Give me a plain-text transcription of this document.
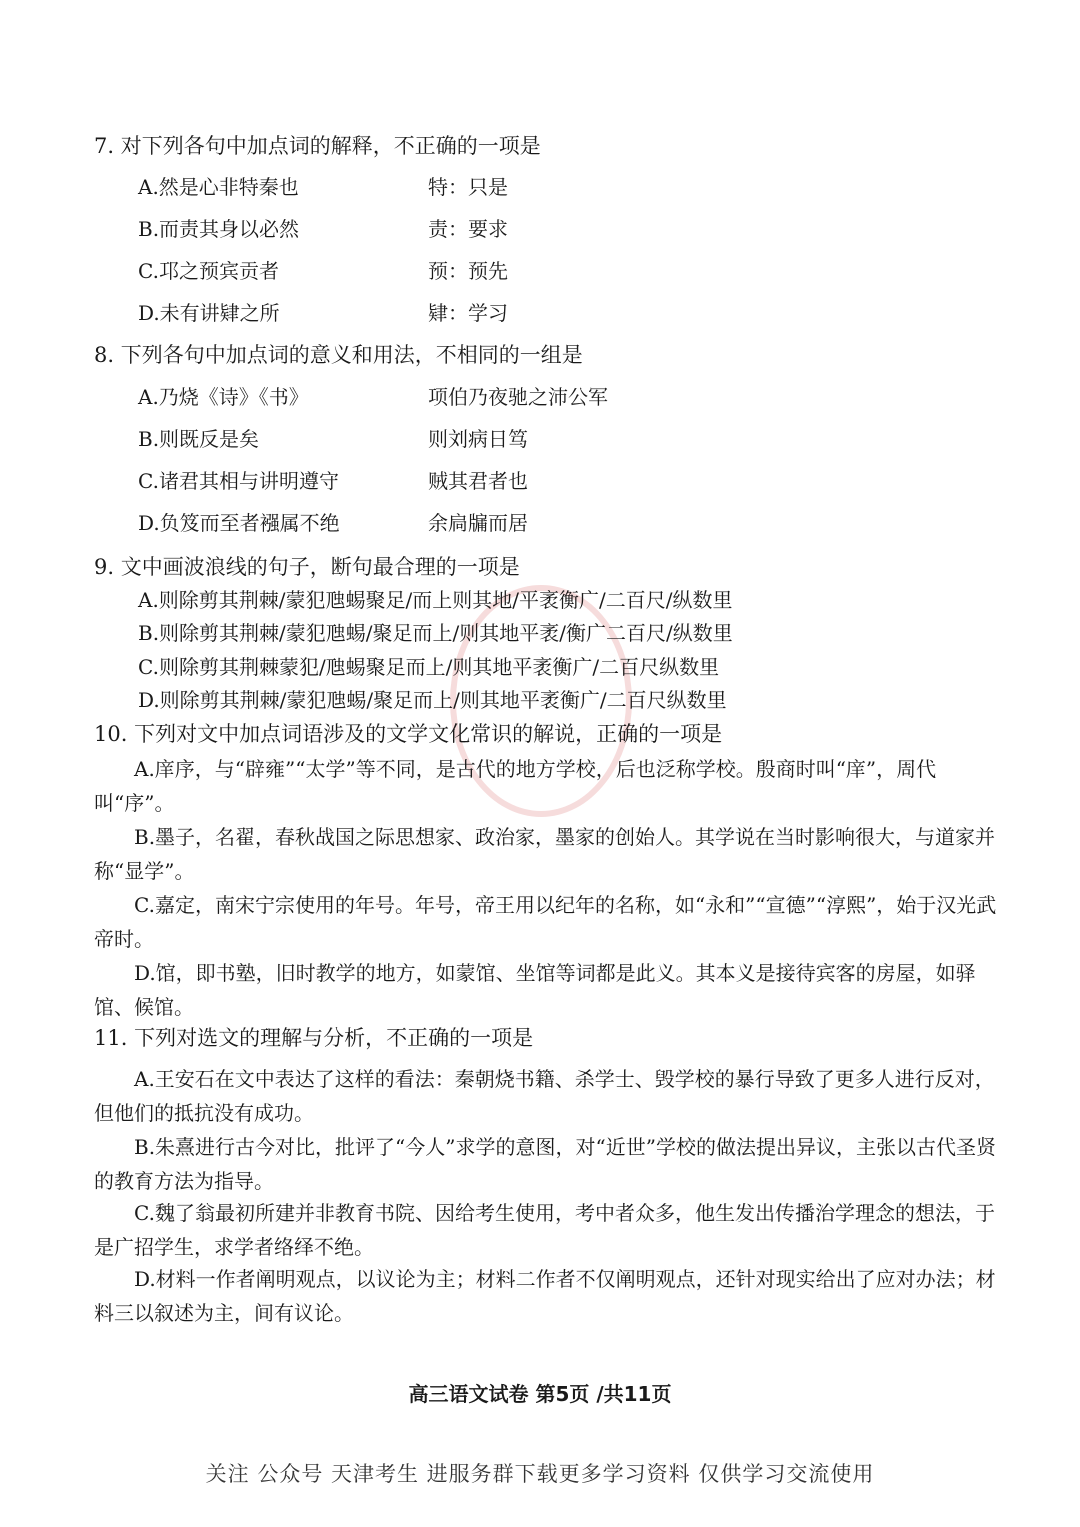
7. 对下列各句中加点词的解释，不正确的一项是
A.然是心非特秦也	特：只是
B.而责其身以必然	责：要求
C.邛之预宾贡者	预：预先
D.未有讲肄之所	肄：学习
8. 下列各句中加点词的意义和用法，不相同的一组是
A.乃烧《诗》《书》	项伯乃夜驰之沛公军
B.则既反是矣	则刘病日笃
C.诸君其相与讲明遵守	贼其君者也
D.负笈而至者襁属不绝	余扃牖而居
9. 文中画波浪线的句子，断句最合理的一项是
A.则除剪其荆棘/蒙犯虺蜴聚足/而上则其地/平袤衡广/二百尺/纵数里
B.则除剪其荆棘/蒙犯虺蜴/聚足而上/则其地平袤/衡广二百尺/纵数里
C.则除剪其荆棘蒙犯/虺蜴聚足而上/则其地平袤衡广/二百尺纵数里
D.则除剪其荆棘/蒙犯虺蜴/聚足而上/则其地平袤衡广/二百尺纵数里
10. 下列对文中加点词语涉及的文学文化常识的解说，正确的一项是
A.庠序，与“辟雍”“太学”等不同，是古代的地方学校，后也泛称学校。殷商时叫“庠”，周代叫“序”。
B.墨子，名翟，春秋战国之际思想家、政治家，墨家的创始人。其学说在当时影响很大，与道家并称“显学”。
C.嘉定，南宋宁宗使用的年号。年号，帝王用以纪年的名称，如“永和”“宣德”“淳熙”，始于汉光武帝时。
D.馆，即书塾，旧时教学的地方，如蒙馆、坐馆等词都是此义。其本义是接待宾客的房屋，如驿馆、候馆。
11. 下列对选文的理解与分析，不正确的一项是
A.王安石在文中表达了这样的看法：秦朝烧书籍、杀学士、毁学校的暴行导致了更多人进行反对，但他们的抵抗没有成功。
B.朱熹进行古今对比，批评了“今人”求学的意图，对“近世”学校的做法提出异议，主张以古代圣贤的教育方法为指导。
C.魏了翁最初所建并非教育书院、因给考生使用，考中者众多，他生发出传播治学理念的想法，于是广招学生，求学者络绎不绝。
D.材料一作者阐明观点，以议论为主；材料二作者不仅阐明观点，还针对现实给出了应对办法；材料三以叙述为主，间有议论。
高三语文试卷 第5页 /共11页
关注 公众号 天津考生 进服务群下载更多学习资料 仅供学习交流使用
